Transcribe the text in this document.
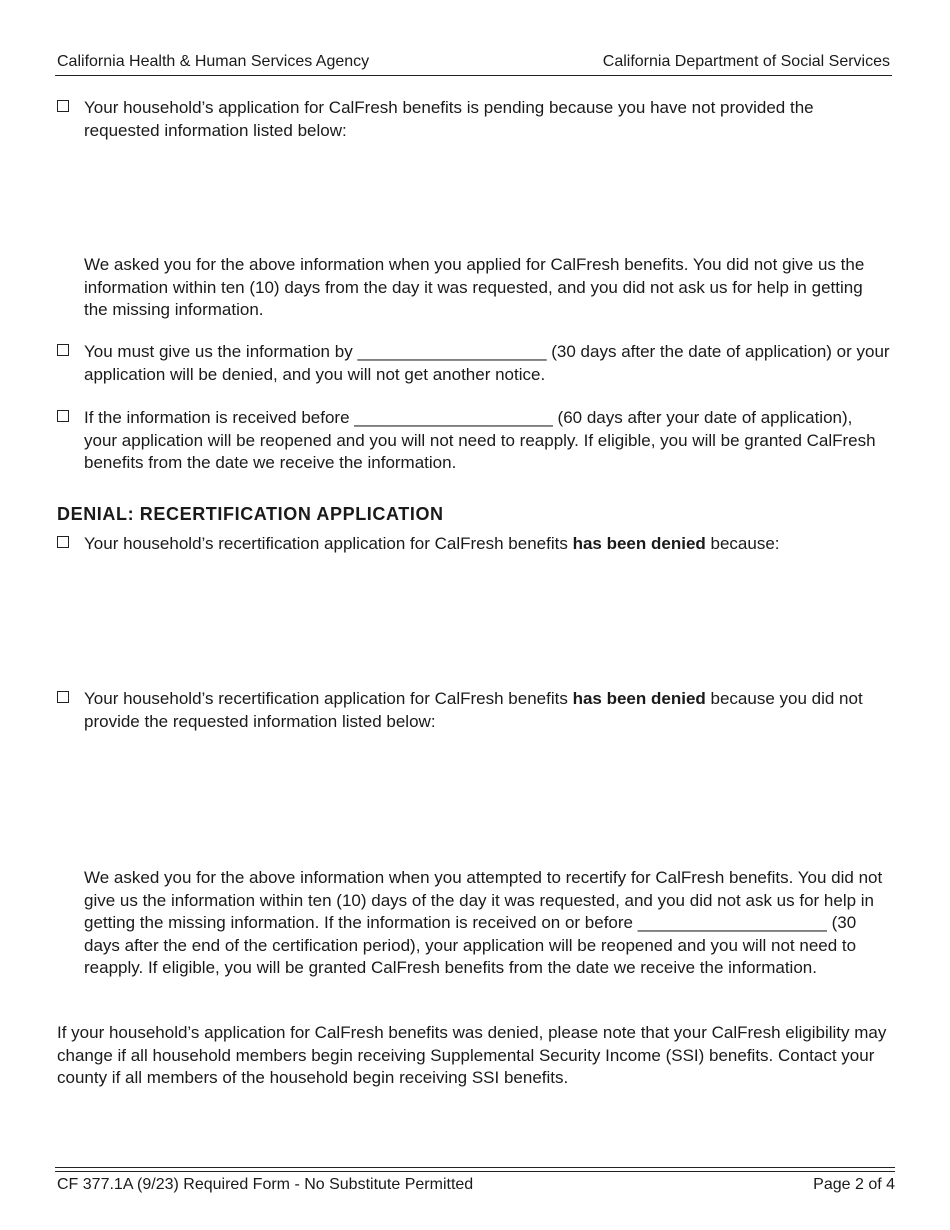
California Health & Human Services Agency	California Department of Social Services
Your household’s application for CalFresh benefits is pending because you have not provided the requested information listed below:
We asked you for the above information when you applied for CalFresh benefits. You did not give us the information within ten (10) days from the day it was requested, and you did not ask us for help in getting the missing information.
You must give us the information by ____________________ (30 days after the date of application) or your application will be denied, and you will not get another notice.
If the information is received before _____________________ (60 days after your date of application), your application will be reopened and you will not need to reapply. If eligible, you will be granted CalFresh benefits from the date we receive the information.
DENIAL: RECERTIFICATION APPLICATION
Your household’s recertification application for CalFresh benefits has been denied because:
Your household’s recertification application for CalFresh benefits has been denied because you did not provide the requested information listed below:
We asked you for the above information when you attempted to recertify for CalFresh benefits. You did not give us the information within ten (10) days of the day it was requested, and you did not ask us for help in getting the missing information. If the information is received on or before ____________________ (30 days after the end of the certification period), your application will be reopened and you will not need to reapply. If eligible, you will be granted CalFresh benefits from the date we receive the information.
If your household’s application for CalFresh benefits was denied, please note that your CalFresh eligibility may change if all household members begin receiving Supplemental Security Income (SSI) benefits. Contact your county if all members of the household begin receiving SSI benefits.
CF 377.1A (9/23) Required Form - No Substitute Permitted	Page 2 of 4
